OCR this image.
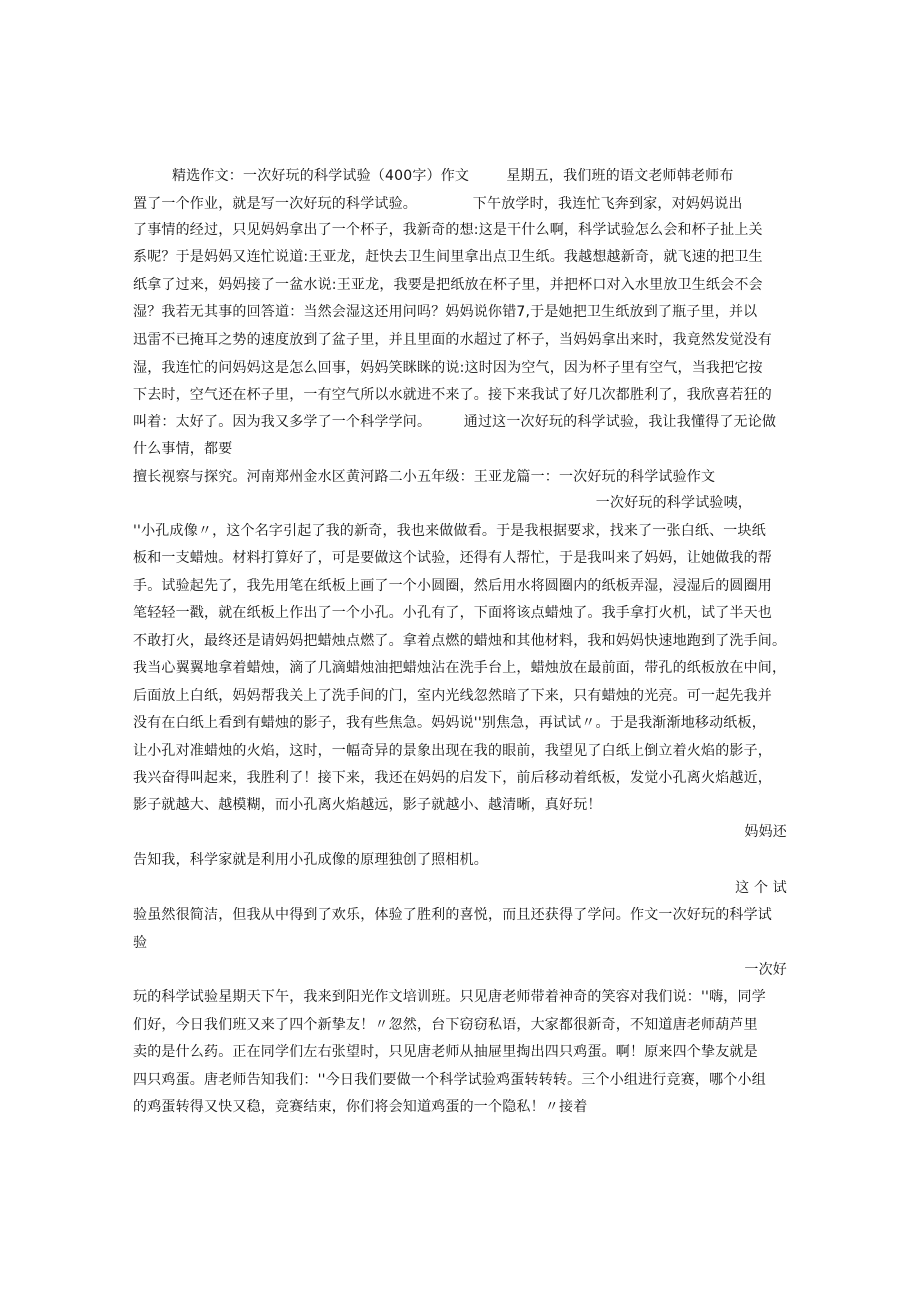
精选作文：一次好玩的科学试验（400字）作文        星期五，我们班的语文老师韩老师布
置了一个作业，就是写一次好玩的科学试验。            下午放学时，我连忙飞奔到家，对妈妈说出
了事情的经过，只见妈妈拿出了一个杯子，我新奇的想:这是干什么啊，科学试验怎么会和杯子扯上关
系呢？于是妈妈又连忙说道:王亚龙，赶快去卫生间里拿出点卫生纸。我越想越新奇，就飞速的把卫生
纸拿了过来，妈妈接了一盆水说:王亚龙，我要是把纸放在杯子里，并把杯口对入水里放卫生纸会不会
湿？我若无其事的回答道：当然会湿这还用问吗？妈妈说你错7,于是她把卫生纸放到了瓶子里，并以
迅雷不已掩耳之势的速度放到了盆子里，并且里面的水超过了杯子，当妈妈拿出来时，我竟然发觉没有
湿，我连忙的问妈妈这是怎么回事，妈妈笑眯眯的说:这时因为空气，因为杯子里有空气，当我把它按
下去时，空气还在杯子里，一有空气所以水就进不来了。接下来我试了好几次都胜利了，我欣喜若狂的
叫着：太好了。因为我又多学了一个科学学问。       通过这一次好玩的科学试验，我让我懂得了无论做
什么事情，都要
擅长视察与探究。河南郑州金水区黄河路二小五年级：王亚龙篇一：一次好玩的科学试验作文
一次好玩的科学试验咦，
''小孔成像〃，这个名字引起了我的新奇，我也来做做看。于是我根据要求，找来了一张白纸、一块纸
板和一支蜡烛。材料打算好了，可是要做这个试验，还得有人帮忙，于是我叫来了妈妈，让她做我的帮
手。试验起先了，我先用笔在纸板上画了一个小圆圈，然后用水将圆圈内的纸板弄湿，浸湿后的圆圈用
笔轻轻一戳，就在纸板上作出了一个小孔。小孔有了，下面将该点蜡烛了。我手拿打火机，试了半天也
不敢打火，最终还是请妈妈把蜡烛点燃了。拿着点燃的蜡烛和其他材料，我和妈妈快速地跑到了洗手间。
我当心翼翼地拿着蜡烛，滴了几滴蜡烛油把蜡烛沾在洗手台上，蜡烛放在最前面，带孔的纸板放在中间，
后面放上白纸，妈妈帮我关上了洗手间的门，室内光线忽然暗了下来，只有蜡烛的光亮。可一起先我并
没有在白纸上看到有蜡烛的影子，我有些焦急。妈妈说''别焦急，再试试〃。于是我渐渐地移动纸板，
让小孔对准蜡烛的火焰，这时，一幅奇异的景象出现在我的眼前，我望见了白纸上倒立着火焰的影子，
我兴奋得叫起来，我胜利了！接下来，我还在妈妈的启发下，前后移动着纸板，发觉小孔离火焰越近，
影子就越大、越模糊，而小孔离火焰越远，影子就越小、越清晰，真好玩！
妈妈还
告知我，科学家就是利用小孔成像的原理独创了照相机。
这 个 试
验虽然很简洁，但我从中得到了欢乐，体验了胜利的喜悦，而且还获得了学问。作文一次好玩的科学试
验
一次好
玩的科学试验星期天下午，我来到阳光作文培训班。只见唐老师带着神奇的笑容对我们说：''嗨，同学
们好，今日我们班又来了四个新挚友！〃忽然，台下窃窃私语，大家都很新奇，不知道唐老师葫芦里
卖的是什么药。正在同学们左右张望时，只见唐老师从抽屉里掏出四只鸡蛋。啊！原来四个挚友就是
四只鸡蛋。唐老师告知我们：''今日我们要做一个科学试验鸡蛋转转转。三个小组进行竞赛，哪个小组
的鸡蛋转得又快又稳，竞赛结束，你们将会知道鸡蛋的一个隐私！〃接着
